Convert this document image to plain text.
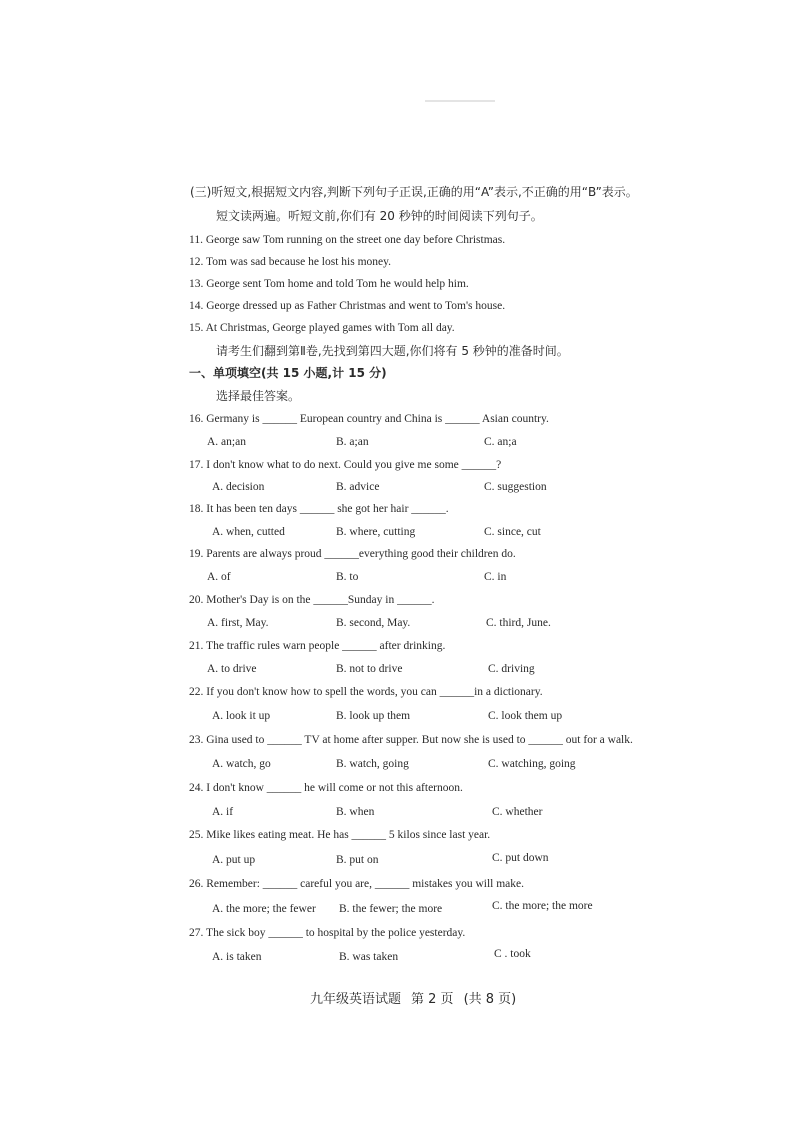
(三)听短文,根据短文内容,判断下列句子正误,正确的用“A”表示,不正确的用“B”表示。
短文读两遍。听短文前,你们有 20 秒钟的时间阅读下列句子。
11. George saw Tom running on the street one day before Christmas.
12. Tom was sad because he lost his money.
13. George sent Tom home and told Tom he would help him.
14. George dressed up as Father Christmas and went to Tom's house.
15. At Christmas, George played games with Tom all day.
请考生们翻到第Ⅱ卷,先找到第四大题,你们将有 5 秒钟的准备时间。
一、单项填空(共 15 小题,计 15 分)
选择最佳答案。
16. Germany is ______ European country and China is ______ Asian country.
A. an;an	B. a;an	C. an;a
17. I don't know what to do next. Could you give me some ______?
A. decision	B. advice	C. suggestion
18. It has been ten days ______ she got her hair ______.
A. when, cutted	B. where, cutting	C. since, cut
19. Parents are always proud ______everything good their children do.
A. of	B. to	C. in
20. Mother's Day is on the ______Sunday in ______.
A. first, May.	B. second, May.	C. third, June.
21. The traffic rules warn people ______ after drinking.
A. to drive	B. not to drive	C. driving
22. If you don't know how to spell the words, you can ______in a dictionary.
A. look it up	B. look up them	C. look them up
23. Gina used to ______ TV at home after supper. But now she is used to ______ out for a walk.
A. watch, go	B. watch, going	C. watching, going
24. I don't know ______ he will come or not this afternoon.
A. if	B. when	C. whether
25. Mike likes eating meat. He has ______ 5 kilos since last year.
A. put up	B. put on	C. put down
26. Remember: ______ careful you are, ______ mistakes you will make.
A. the more; the fewer B. the fewer; the more	C. the more; the more
27. The sick boy ______ to hospital by the police yesterday.
A. is taken	B. was taken	C . took
九年级英语试题 第 2 页 (共 8 页)
